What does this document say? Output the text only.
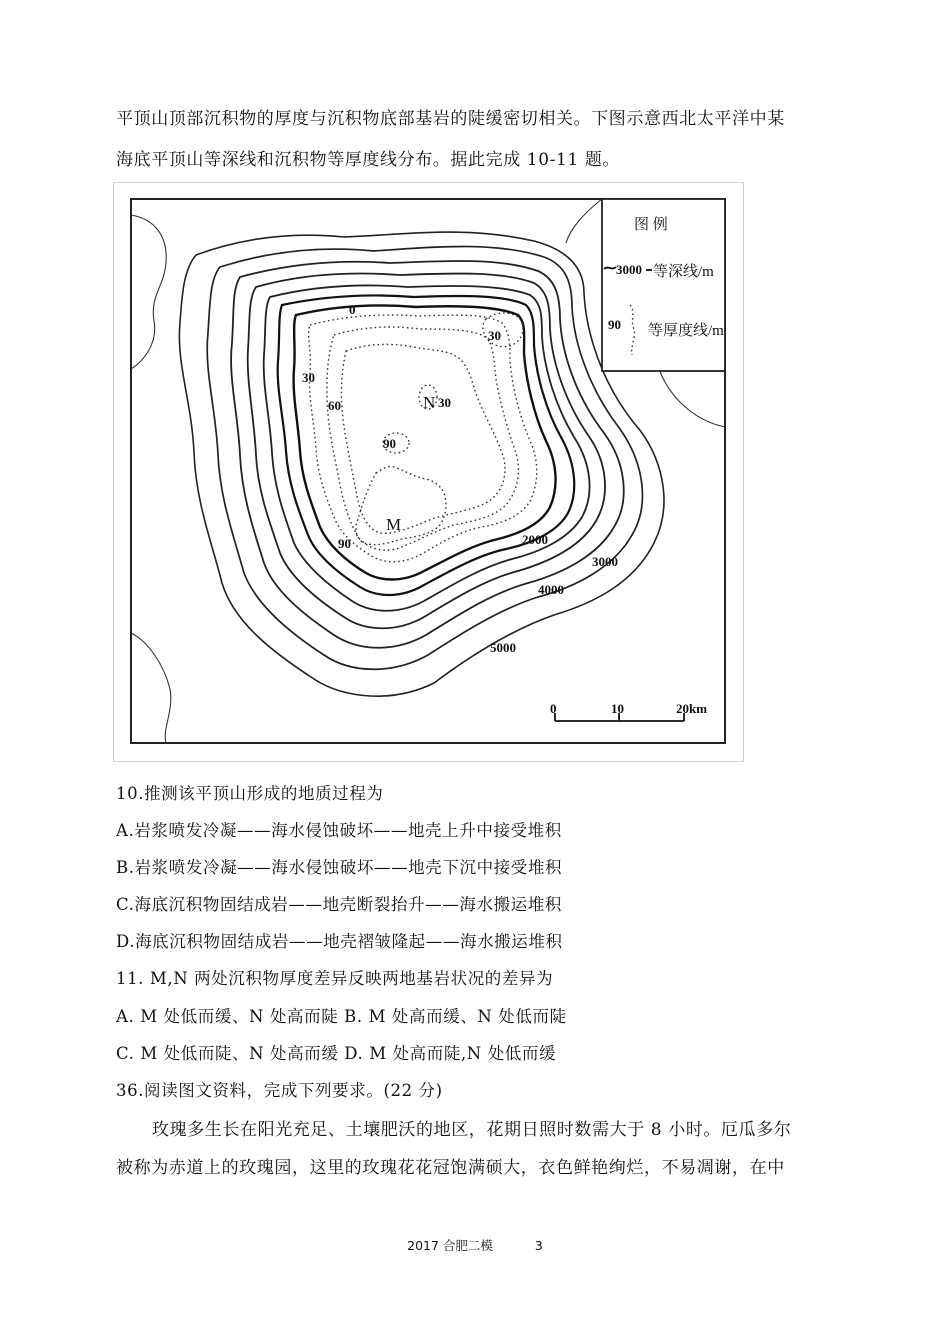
平顶山顶部沉积物的厚度与沉积物底部基岩的陡缓密切相关。下图示意西北太平洋中某
海底平顶山等深线和沉积物等厚度线分布。据此完成 10-11 题。
2000
3000
4000
5000
0
30
30
60	30
90
90
M
N
图 例
3000 等深线/m
90 等厚度线/m
0	10	20km
10.推测该平顶山形成的地质过程为
A.岩浆喷发冷凝——海水侵蚀破坏——地壳上升中接受堆积
B.岩浆喷发冷凝——海水侵蚀破坏——地壳下沉中接受堆积
C.海底沉积物固结成岩——地壳断裂抬升——海水搬运堆积
D.海底沉积物固结成岩——地壳褶皱隆起——海水搬运堆积
11. M,N 两处沉积物厚度差异反映两地基岩状况的差异为
A. M 处低而缓、N 处高而陡 B. M 处高而缓、N 处低而陡
C. M 处低而陡、N 处高而缓 D. M 处高而陡,N 处低而缓
36.阅读图文资料，完成下列要求。(22 分)
玫瑰多生长在阳光充足、土壤肥沃的地区，花期日照时数需大于 8 小时。厄瓜多尔
被称为赤道上的玫瑰园，这里的玫瑰花花冠饱满硕大，衣色鲜艳绚烂，不易凋谢，在中
2017 合肥二模	3
